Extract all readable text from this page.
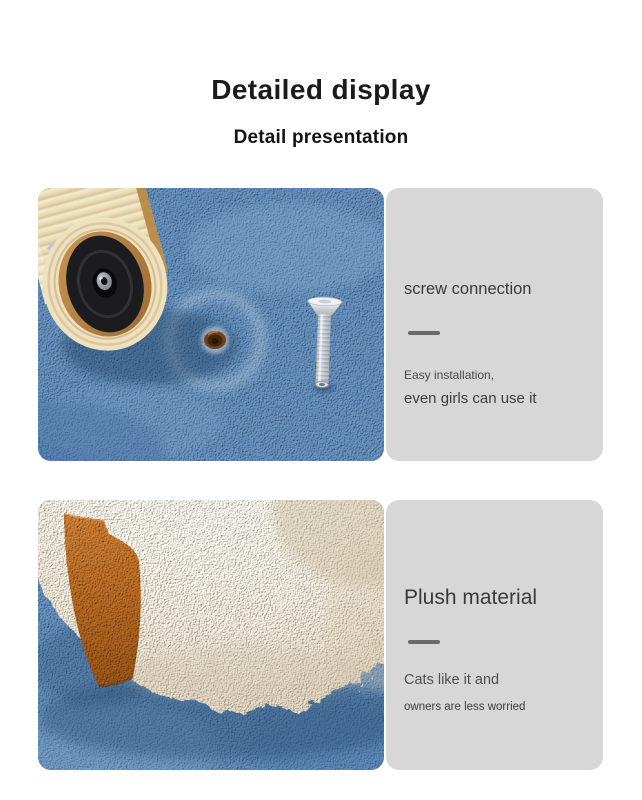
Detailed display
Detail presentation

screw connection

Easy installation,

even girls can use it

Plush material

Cats like it and

owners are less worried
